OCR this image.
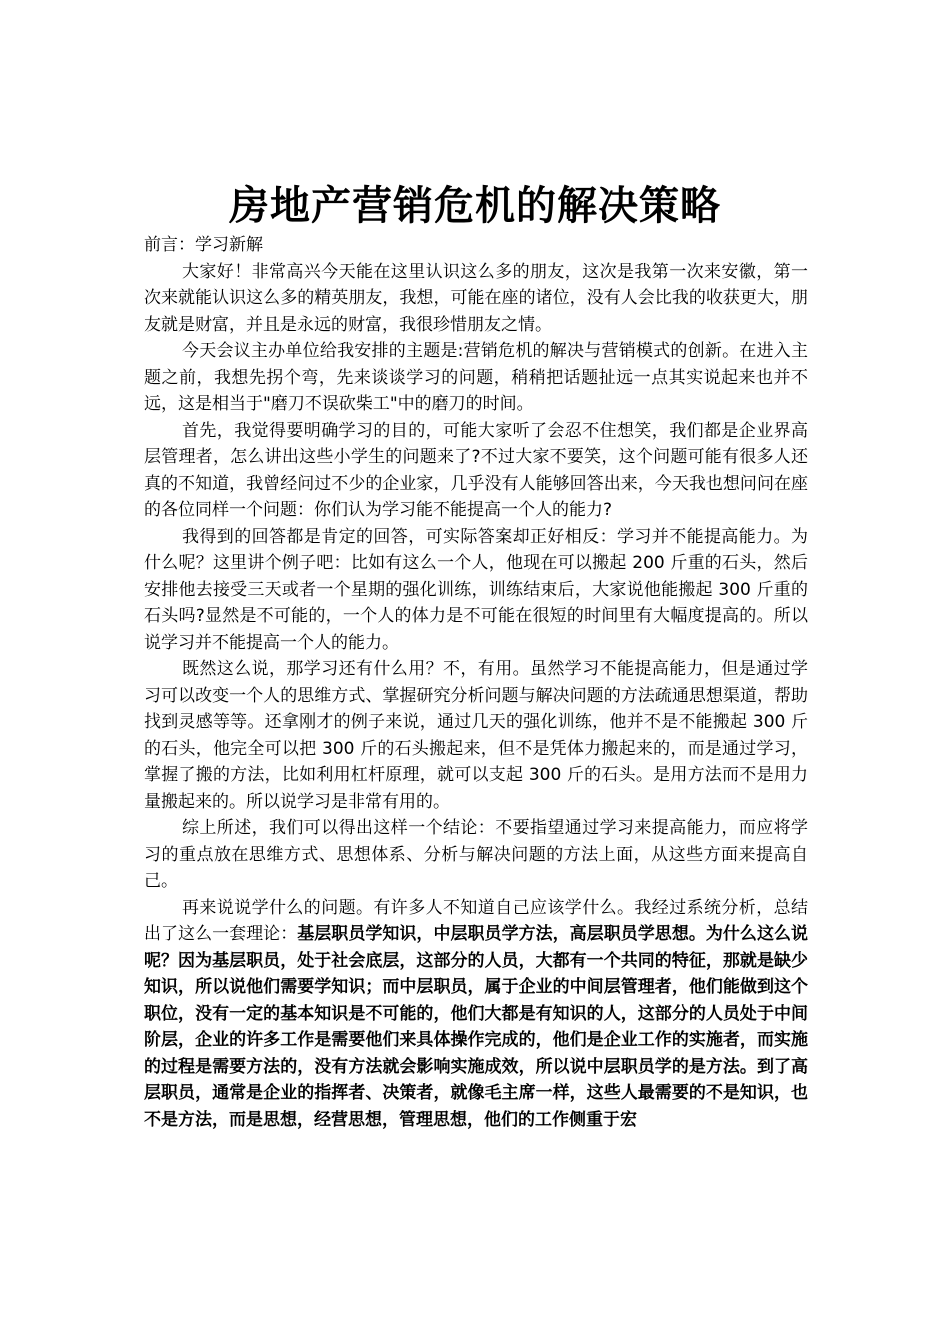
房地产营销危机的解决策略

前言：学习新解

大家好！非常高兴今天能在这里认识这么多的朋友，这次是我第一次来安徽，第一次来就能认识这么多的精英朋友，我想，可能在座的诸位，没有人会比我的收获更大，朋友就是财富，并且是永远的财富，我很珍惜朋友之情。

今天会议主办单位给我安排的主题是:营销危机的解决与营销模式的创新。在进入主题之前，我想先拐个弯，先来谈谈学习的问题，稍稍把话题扯远一点其实说起来也并不远，这是相当于"磨刀不误砍柴工"中的磨刀的时间。

首先，我觉得要明确学习的目的，可能大家听了会忍不住想笑，我们都是企业界高层管理者，怎么讲出这些小学生的问题来了?不过大家不要笑，这个问题可能有很多人还真的不知道，我曾经问过不少的企业家，几乎没有人能够回答出来，今天我也想问问在座的各位同样一个问题：你们认为学习能不能提高一个人的能力?

我得到的回答都是肯定的回答，可实际答案却正好相反：学习并不能提高能力。为什么呢？这里讲个例子吧：比如有这么一个人，他现在可以搬起 200 斤重的石头，然后安排他去接受三天或者一个星期的强化训练，训练结束后，大家说他能搬起 300 斤重的石头吗?显然是不可能的，一个人的体力是不可能在很短的时间里有大幅度提高的。所以说学习并不能提高一个人的能力。

既然这么说，那学习还有什么用？不，有用。虽然学习不能提高能力，但是通过学习可以改变一个人的思维方式、掌握研究分析问题与解决问题的方法疏通思想渠道，帮助找到灵感等等。还拿刚才的例子来说，通过几天的强化训练，他并不是不能搬起 300 斤的石头，他完全可以把 300 斤的石头搬起来，但不是凭体力搬起来的，而是通过学习，掌握了搬的方法，比如利用杠杆原理，就可以支起 300 斤的石头。是用方法而不是用力量搬起来的。所以说学习是非常有用的。

综上所述，我们可以得出这样一个结论：不要指望通过学习来提高能力，而应将学习的重点放在思维方式、思想体系、分析与解决问题的方法上面，从这些方面来提高自己。

再来说说学什么的问题。有许多人不知道自己应该学什么。我经过系统分析，总结出了这么一套理论：基层职员学知识，中层职员学方法，高层职员学思想。为什么这么说呢？因为基层职员，处于社会底层，这部分的人员，大都有一个共同的特征，那就是缺少知识，所以说他们需要学知识；而中层职员，属于企业的中间层管理者，他们能做到这个职位，没有一定的基本知识是不可能的，他们大都是有知识的人，这部分的人员处于中间阶层，企业的许多工作是需要他们来具体操作完成的，他们是企业工作的实施者，而实施的过程是需要方法的，没有方法就会影响实施成效，所以说中层职员学的是方法。到了高层职员，通常是企业的指挥者、决策者，就像毛主席一样，这些人最需要的不是知识，也不是方法，而是思想，经营思想，管理思想，他们的工作侧重于宏
